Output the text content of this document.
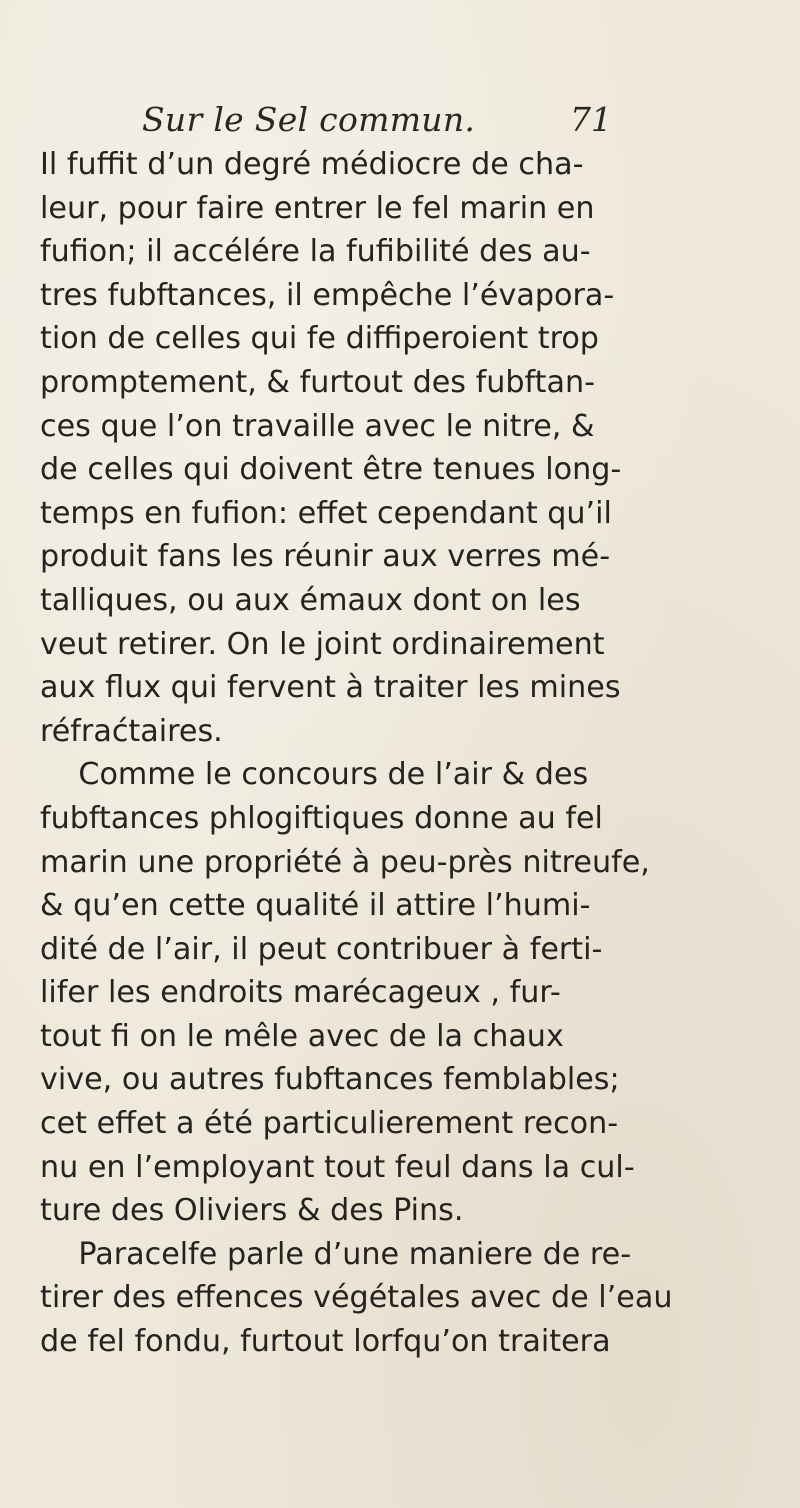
Sur le Sel commun.	71
Il fuffit d’un degré médiocre de cha-
leur, pour faire entrer le fel marin en
fufion; il accélére la fufibilité des au-
tres fubftances, il empêche l’évapora-
tion de celles qui fe diffiperoient trop
promptement, & furtout des fubftan-
ces que l’on travaille avec le nitre, &
de celles qui doivent être tenues long-
temps en fufion: effet cependant qu’il
produit fans les réunir aux verres mé-
talliques, ou aux émaux dont on les
veut retirer. On le joint ordinairement
aux flux qui fervent à traiter les mines
réfraćtaires.
Comme le concours de l’air & des
fubftances phlogiftiques donne au fel
marin une propriété à peu-près nitreufe,
& qu’en cette qualité il attire l’humi-
dité de l’air, il peut contribuer à ferti-
lifer les endroits marécageux , fur-
tout fi on le mêle avec de la chaux
vive, ou autres fubftances femblables;
cet effet a été particulierement recon-
nu en l’employant tout feul dans la cul-
ture des Oliviers & des Pins.
Paracelfe parle d’une maniere de re-
tirer des effences végétales avec de l’eau
de fel fondu, furtout lorfqu’on traitera
